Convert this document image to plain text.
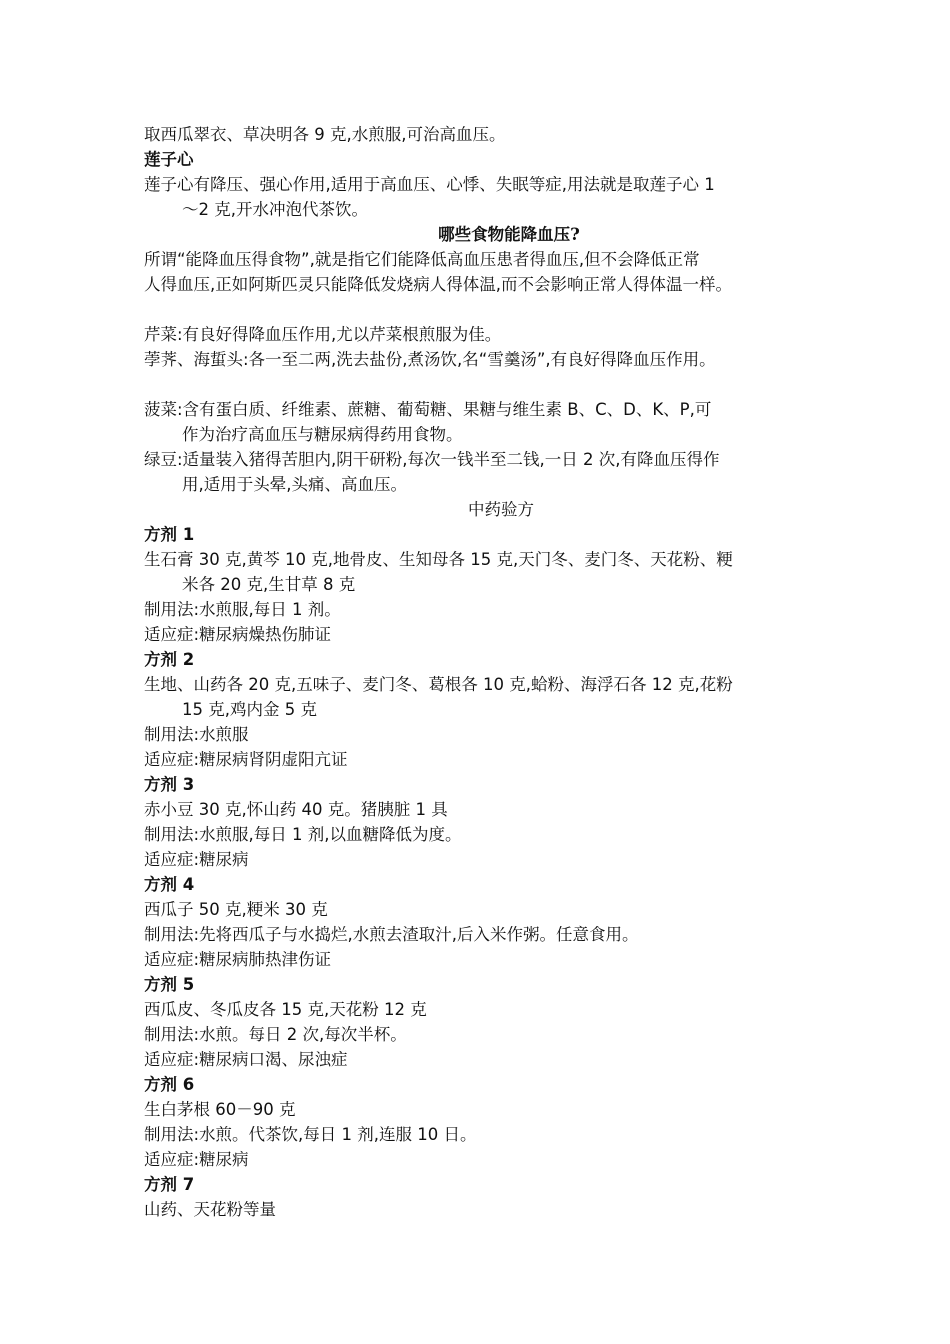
取西瓜翠衣、草决明各 9 克,水煎服,可治高血压。
莲子心
莲子心有降压、强心作用,适用于高血压、心悸、失眠等症,用法就是取莲子心 1
～2 克,开水冲泡代茶饮。
哪些食物能降血压?
所谓“能降血压得食物”,就是指它们能降低高血压患者得血压,但不会降低正常
人得血压,正如阿斯匹灵只能降低发烧病人得体温,而不会影响正常人得体温一样。
芹菜:有良好得降血压作用,尤以芹菜根煎服为佳。
荸荠、海蜇头:各一至二两,洗去盐份,煮汤饮,名“雪羹汤”,有良好得降血压作用。
菠菜:含有蛋白质、纤维素、蔗糖、葡萄糖、果糖与维生素 B、C、D、K、P,可
作为治疗高血压与糖尿病得药用食物。
绿豆:适量装入猪得苦胆内,阴干研粉,每次一钱半至二钱,一日 2 次,有降血压得作
用,适用于头晕,头痛、高血压。
中药验方
方剂 1
生石膏 30 克,黄芩 10 克,地骨皮、生知母各 15 克,天门冬、麦门冬、天花粉、粳
米各 20 克,生甘草 8 克
制用法:水煎服,每日 1 剂。
适应症:糖尿病燥热伤肺证
方剂 2
生地、山药各 20 克,五味子、麦门冬、葛根各 10 克,蛤粉、海浮石各 12 克,花粉
15 克,鸡内金 5 克
制用法:水煎服
适应症:糖尿病肾阴虚阳亢证
方剂 3
赤小豆 30 克,怀山药 40 克。猪胰脏 1 具
制用法:水煎服,每日 1 剂,以血糖降低为度。
适应症:糖尿病
方剂 4
西瓜子 50 克,粳米 30 克
制用法:先将西瓜子与水捣烂,水煎去渣取汁,后入米作粥。任意食用。
适应症:糖尿病肺热津伤证
方剂 5
西瓜皮、冬瓜皮各 15 克,天花粉 12 克
制用法:水煎。每日 2 次,每次半杯。
适应症:糖尿病口渴、尿浊症
方剂 6
生白茅根 60－90 克
制用法:水煎。代茶饮,每日 1 剂,连服 10 日。
适应症:糖尿病
方剂 7
山药、天花粉等量
